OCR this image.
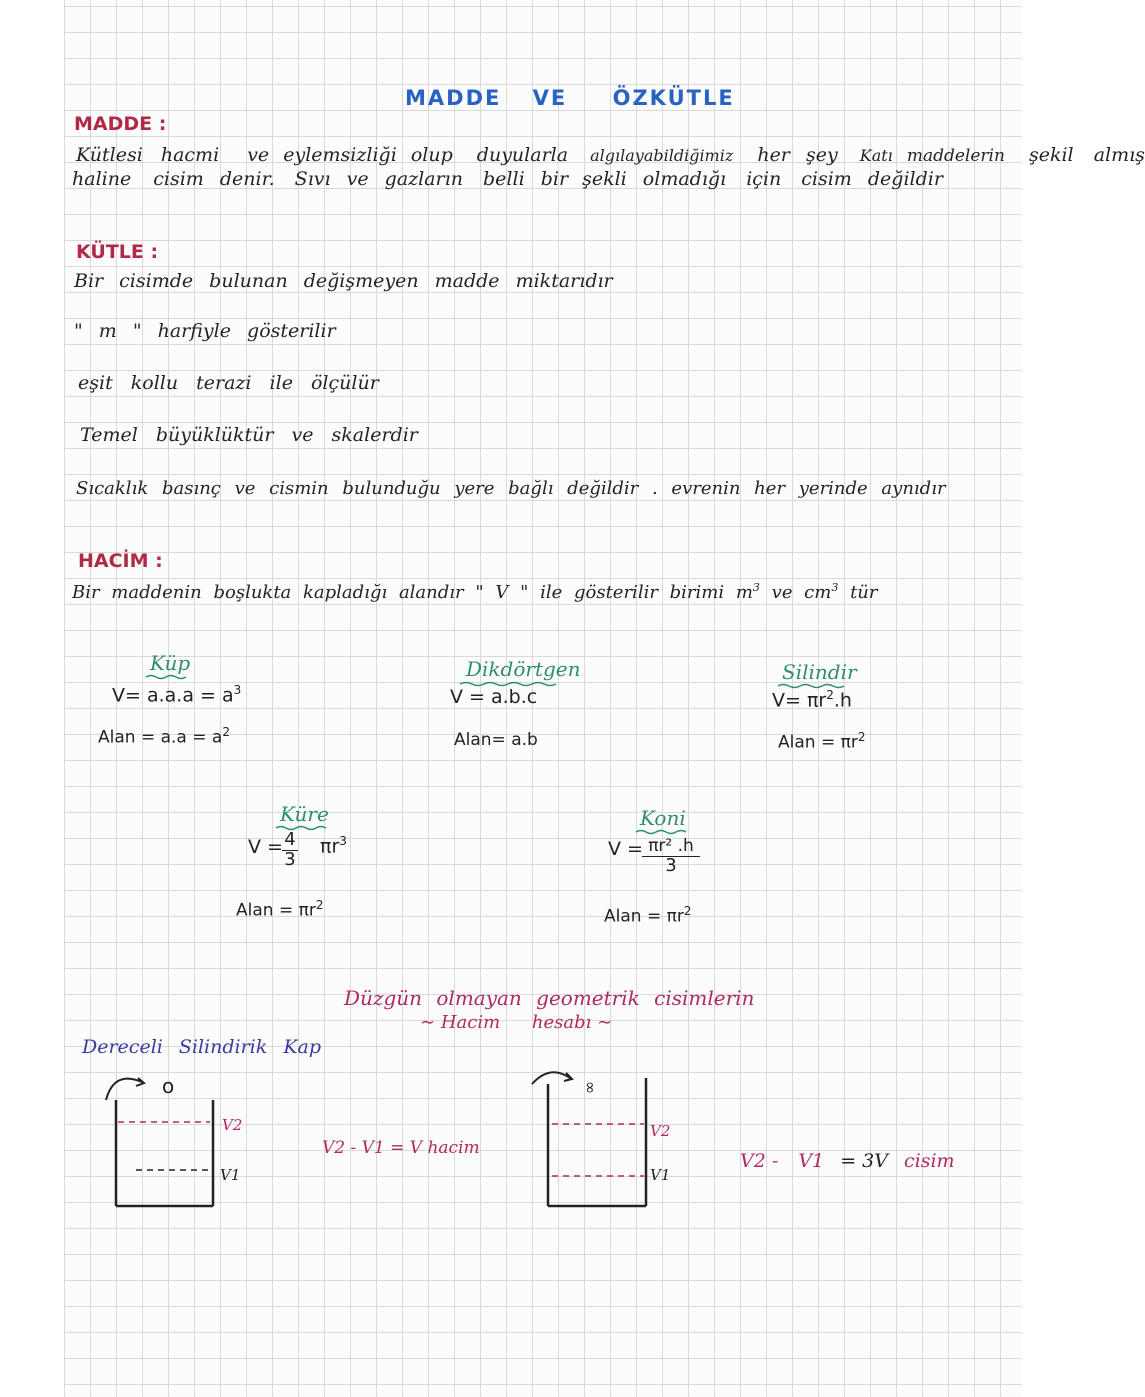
MADDE VE ÖZKÜTLE
MADDE :
Kütlesi hacmi ve eylemsizliği olup duyularla algılayabildiğimiz her şey Katı maddelerin şekil almış
haline cisim denir. Sıvı ve gazların belli bir şekli olmadığı için cisim değildir
KÜTLE :
Bir cisimde bulunan değişmeyen madde miktarıdır
" m " harfiyle gösterilir
eşit kollu terazi ile ölçülür
Temel büyüklüktür ve skalerdir
Sıcaklık basınç ve cismin bulunduğu yere bağlı değildir . evrenin her yerinde aynıdır
HACİM :
Bir maddenin boşlukta kapladığı alandır " V " ile gösterilir birimi $m^3$ ve $cm^3$ tür
Küp
$V= a.a.a = a^3$
Alan = $a.a = a^2$
Dikdörtgen
V = a.b.c
Alan= a.b
Silindir
$V= \pi r^2.h$
Alan = $\pi r^2$
Küre
$V = \frac{4}{3} \pi r^3$
Alan = $\pi r^2$
Koni
$V = \frac{\text{πr² .h}}{3}$
Alan = $\pi r^2$
Düzgün olmayan geometrik cisimlerin
∼ Hacim hesabı ∼
Dereceli Silindirik Kap
o
V2
V1
V2 - V1 = V hacim
∞
V2
V1
V2 - V1 = 3V cisim
